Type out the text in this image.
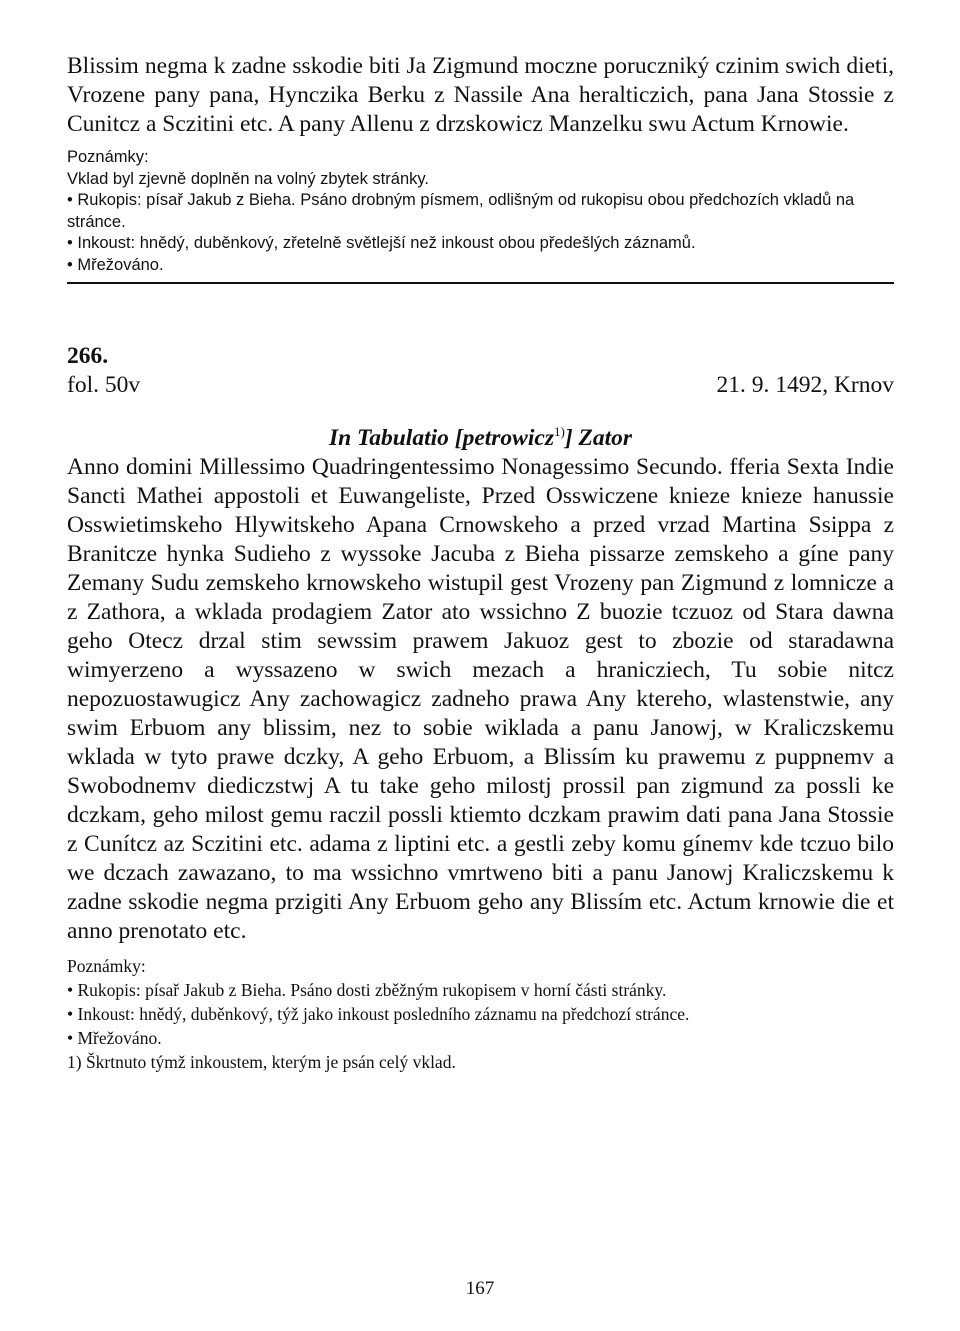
Blissim negma k zadne sskodie biti Ja Zigmund moczne poruczniký czinim swich dieti, Vrozene pany pana, Hynczika Berku z Nassile Ana heralticzich, pana Jana Stossie z Cunitcz a Sczitini etc. A pany Allenu z drzskowicz Manzelku swu Actum Krnowie.

Poznámky:

Vklad byl zjevně doplněn na volný zbytek stránky.

• Rukopis: písař Jakub z Bieha. Psáno drobným písmem, odlišným od rukopisu obou předchozích vkladů na stránce.

• Inkoust: hnědý, duběnkový, zřetelně světlejší než inkoust obou předešlých záznamů.

• Mřežováno.

266.
fol. 50v	21. 9. 1492, Krnov
In Tabulatio [petrowicz$^{1)}$] Zator

Anno domini Millessimo Quadringentessimo Nonagessimo Secundo. fferia Sexta Indie Sancti Mathei appostoli et Euwangeliste, Przed Osswiczene knieze knieze hanussie Osswietimskeho Hlywitskeho Apana Crnowskeho a przed vrzad Martina Ssippa z Branitcze hynka Sudieho z wyssoke Jacuba z Bieha pissarze zemskeho a gíne pany Zemany Sudu zemskeho krnowskeho wistupil gest Vrozeny pan Zigmund z lomnicze a z Zathora, a wklada prodagiem Zator ato wssichno Z buozie tczuoz od Stara dawna geho Otecz drzal stim sewssim prawem Jakuoz gest to zbozie od staradawna wimyerzeno a wyssazeno w swich mezach a hranicziech, Tu sobie nitcz nepozuostawugicz Any zachowagicz zadneho prawa Any ktereho, wlastenstwie, any swim Erbuom any blissim, nez to sobie wiklada a panu Janowj, w Kraliczskemu wklada w tyto prawe dczky, A geho Erbuom, a Blissím ku prawemu z puppnemv a Swobodnemv diediczstwj A tu take geho milostj prossil pan zigmund za possli ke dczkam, geho milost gemu raczil possli ktiemto dczkam prawim dati pana Jana Stossie z Cunítcz az Sczitini etc. adama z liptini etc. a gestli zeby komu gínemv kde tczuo bilo we dczach zawazano, to ma wssichno vmrtweno biti a panu Janowj Kraliczskemu k zadne sskodie negma przigiti Any Erbuom geho any Blissím etc. Actum krnowie die et anno prenotato etc.

Poznámky:

• Rukopis: písař Jakub z Bieha. Psáno dosti zběžným rukopisem v horní části stránky.

• Inkoust: hnědý, duběnkový, týž jako inkoust posledního záznamu na předchozí stránce.

• Mřežováno.

1) Škrtnuto týmž inkoustem, kterým je psán celý vklad.

167
